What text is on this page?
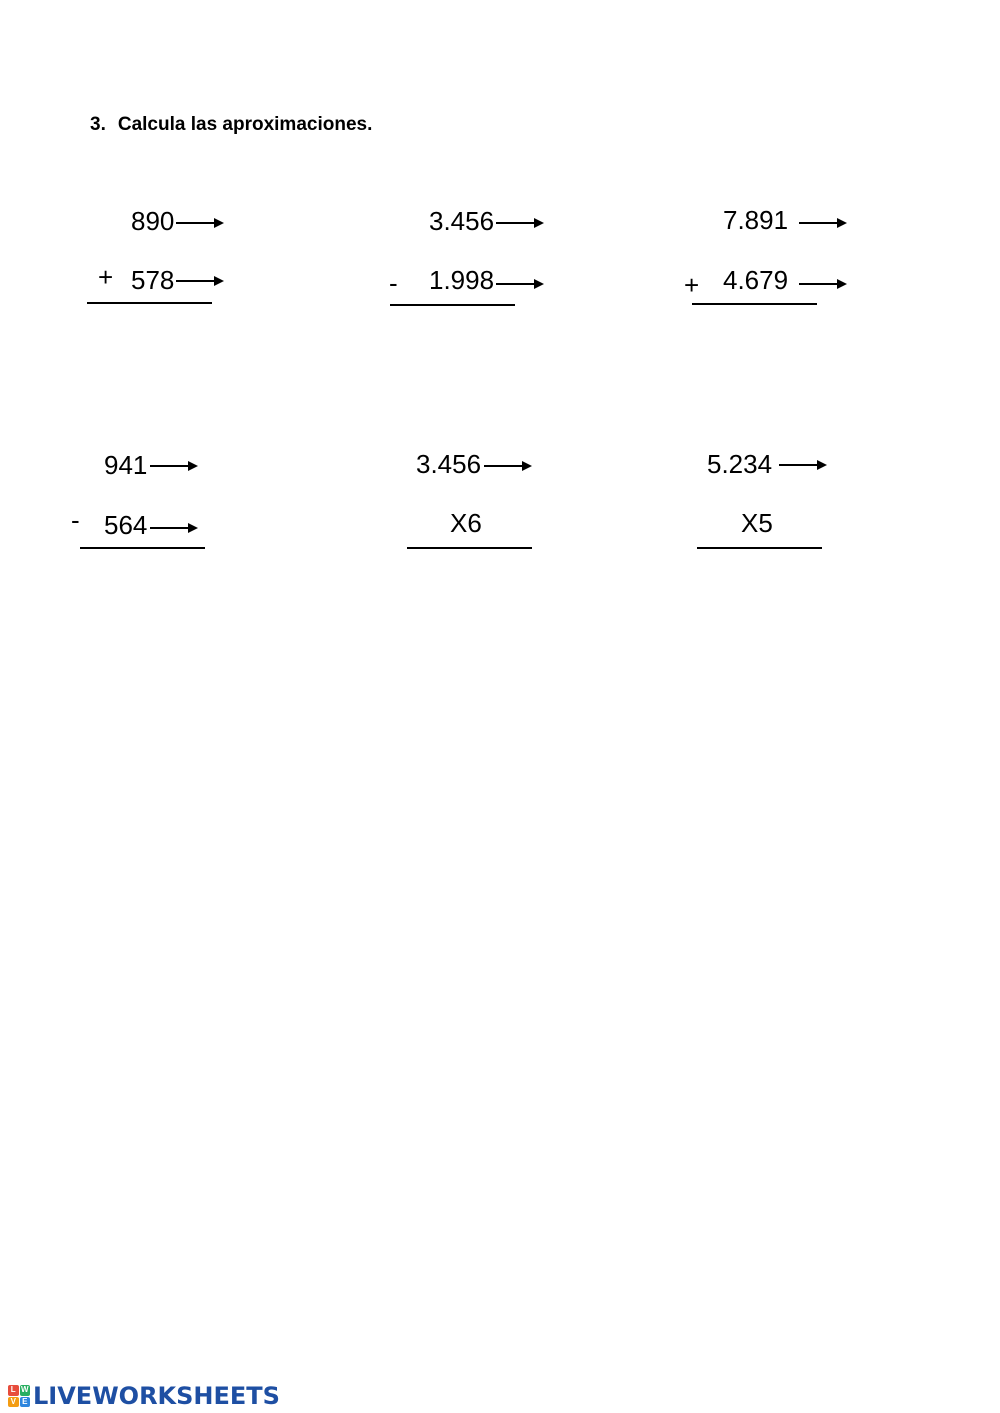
3. Calcula las aproximaciones.
890
+ 578
3.456
- 1.998
7.891
+ 4.679
941
- 564
3.456
X6
5.234
X5
L W
V E LIVEWORKSHEETS
